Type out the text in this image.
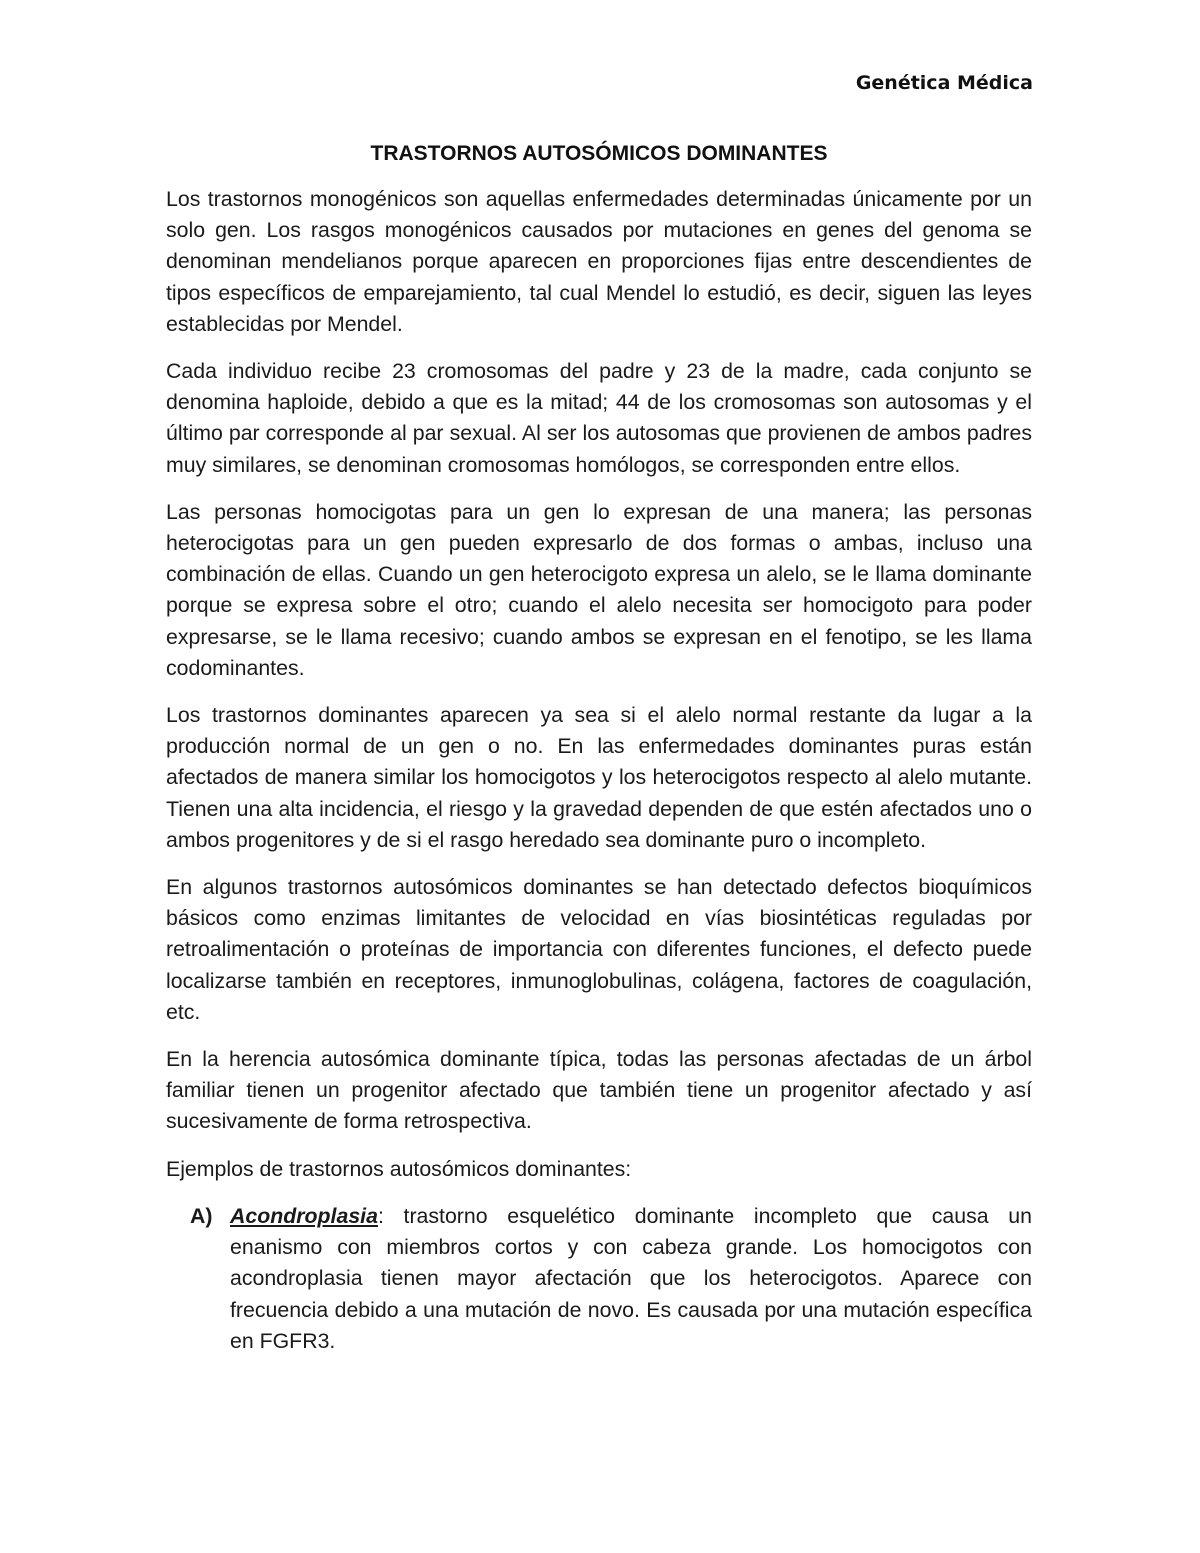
Genética Médica
TRASTORNOS AUTOSÓMICOS DOMINANTES

Los trastornos monogénicos son aquellas enfermedades determinadas únicamente por un solo gen. Los rasgos monogénicos causados por mutaciones en genes del genoma se denominan mendelianos porque aparecen en proporciones fijas entre descendientes de tipos específicos de emparejamiento, tal cual Mendel lo estudió, es decir, siguen las leyes establecidas por Mendel.

Cada individuo recibe 23 cromosomas del padre y 23 de la madre, cada conjunto se denomina haploide, debido a que es la mitad; 44 de los cromosomas son autosomas y el último par corresponde al par sexual. Al ser los autosomas que provienen de ambos padres muy similares, se denominan cromosomas homólogos, se corresponden entre ellos.

Las personas homocigotas para un gen lo expresan de una manera; las personas heterocigotas para un gen pueden expresarlo de dos formas o ambas, incluso una combinación de ellas. Cuando un gen heterocigoto expresa un alelo, se le llama dominante porque se expresa sobre el otro; cuando el alelo necesita ser homocigoto para poder expresarse, se le llama recesivo; cuando ambos se expresan en el fenotipo, se les llama codominantes.

Los trastornos dominantes aparecen ya sea si el alelo normal restante da lugar a la producción normal de un gen o no. En las enfermedades dominantes puras están afectados de manera similar los homocigotos y los heterocigotos respecto al alelo mutante. Tienen una alta incidencia, el riesgo y la gravedad dependen de que estén afectados uno o ambos progenitores y de si el rasgo heredado sea dominante puro o incompleto.

En algunos trastornos autosómicos dominantes se han detectado defectos bioquímicos básicos como enzimas limitantes de velocidad en vías biosintéticas reguladas por retroalimentación o proteínas de importancia con diferentes funciones, el defecto puede localizarse también en receptores, inmunoglobulinas, colágena, factores de coagulación, etc.

En la herencia autosómica dominante típica, todas las personas afectadas de un árbol familiar tienen un progenitor afectado que también tiene un progenitor afectado y así sucesivamente de forma retrospectiva.

Ejemplos de trastornos autosómicos dominantes:

A) Acondroplasia: trastorno esquelético dominante incompleto que causa un enanismo con miembros cortos y con cabeza grande. Los homocigotos con acondroplasia tienen mayor afectación que los heterocigotos. Aparece con frecuencia debido a una mutación de novo. Es causada por una mutación específica en FGFR3.
